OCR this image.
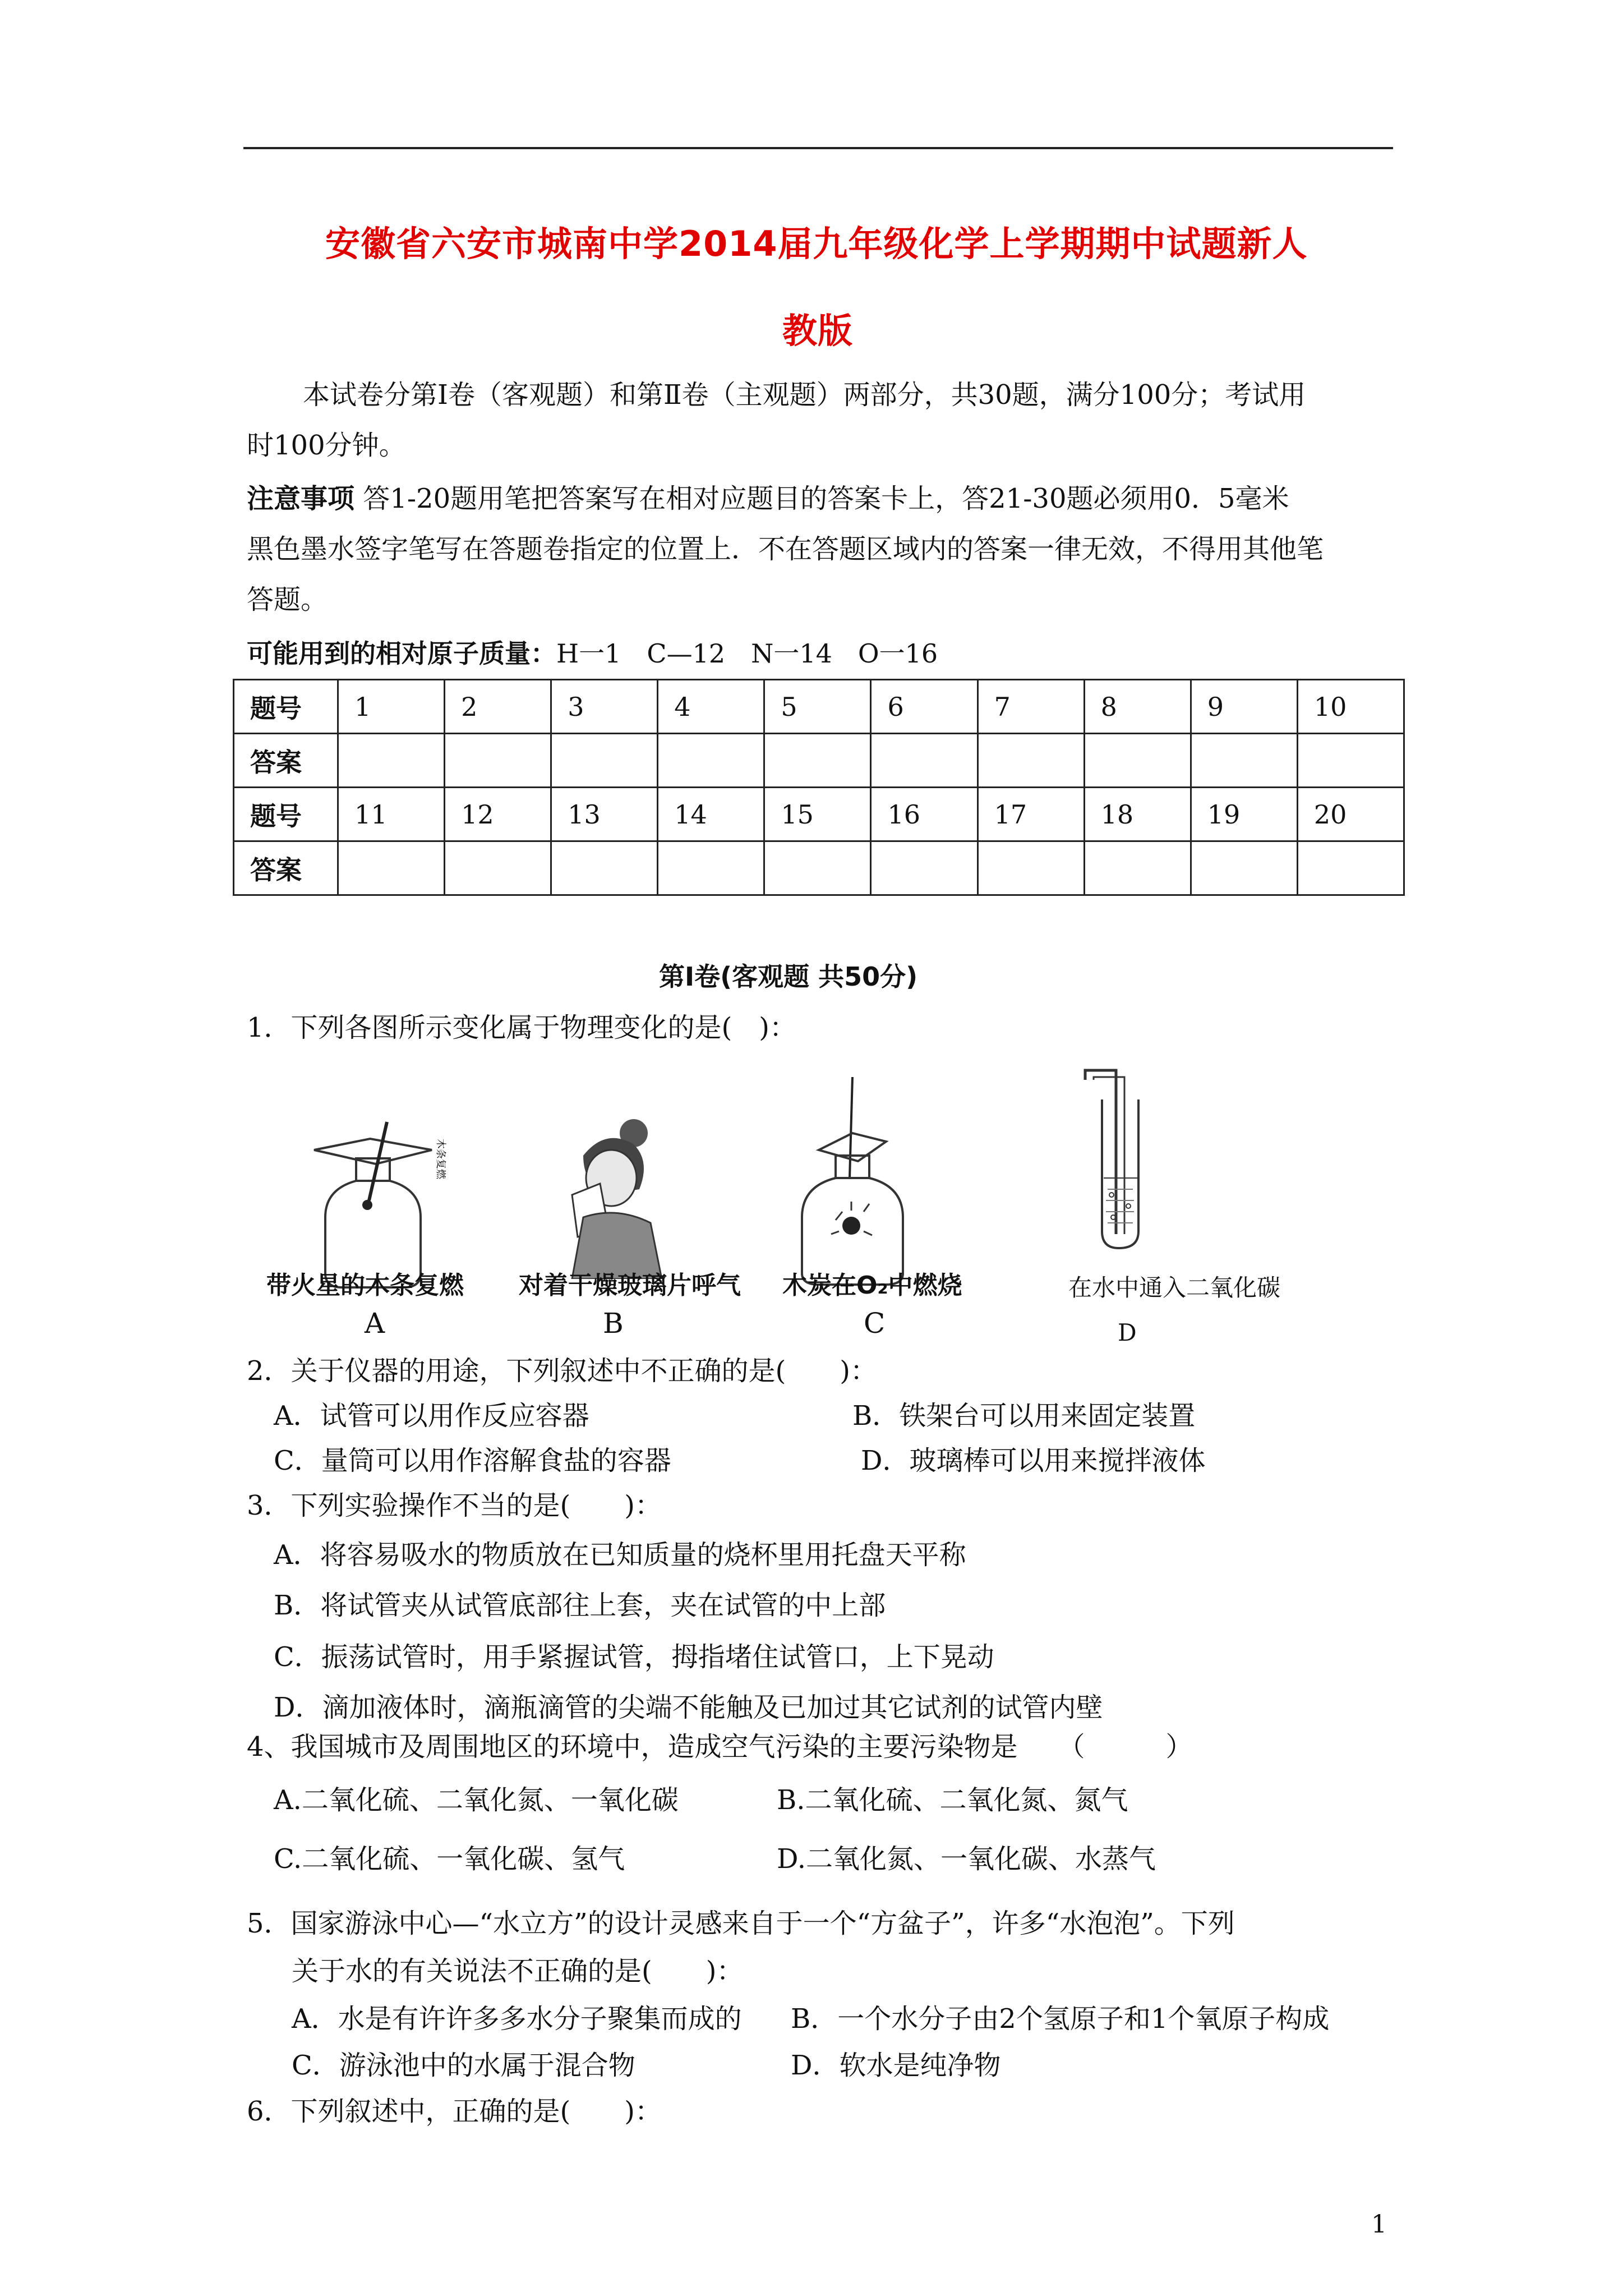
安徽省六安市城南中学2014届九年级化学上学期期中试题新人
教版
本试卷分第Ⅰ卷（客观题）和第Ⅱ卷（主观题）两部分，共30题，满分100分；考试用
时100分钟。
注意事项 答1-20题用笔把答案写在相对应题目的答案卡上，答21-30题必须用0．5毫米
黑色墨水签字笔写在答题卷指定的位置上．不在答题区域内的答案一律无效，不得用其他笔
答题。
可能用到的相对原子质量：H一1　C—12　N一14　O一16
题号	1	2	3	4	5	6	7	8	9	10
答案										
题号	11	12	13	14	15	16	17	18	19	20
答案										
第Ⅰ卷(客观题 共50分)
1．下列各图所示变化属于物理变化的是(　)：
木条复燃
带火星的木条复燃
A
对着干燥玻璃片呼气
B
木炭在O₂中燃烧
C
在水中通入二氧化碳
D
2．关于仪器的用途，下列叙述中不正确的是(　　)：
A．试管可以用作反应容器	B．铁架台可以用来固定装置
C．量筒可以用作溶解食盐的容器	D．玻璃棒可以用来搅拌液体
3．下列实验操作不当的是(　　)：
A．将容易吸水的物质放在已知质量的烧杯里用托盘天平称
B．将试管夹从试管底部往上套，夹在试管的中上部
C．振荡试管时，用手紧握试管，拇指堵住试管口，上下晃动
D．滴加液体时，滴瓶滴管的尖端不能触及已加过其它试剂的试管内壁
4、我国城市及周围地区的环境中，造成空气污染的主要污染物是　　（　　　）
A.二氧化硫、二氧化氮、一氧化碳	B.二氧化硫、二氧化氮、氮气
C.二氧化硫、一氧化碳、氢气	D.二氧化氮、一氧化碳、水蒸气
5．国家游泳中心—“水立方”的设计灵感来自于一个“方盆子”，许多“水泡泡”。下列
关于水的有关说法不正确的是(　　)：
A．水是有许许多多水分子聚集而成的 B．一个水分子由2个氢原子和1个氧原子构成
C．游泳池中的水属于混合物	D．软水是纯净物
6．下列叙述中，正确的是(　　)：
1
